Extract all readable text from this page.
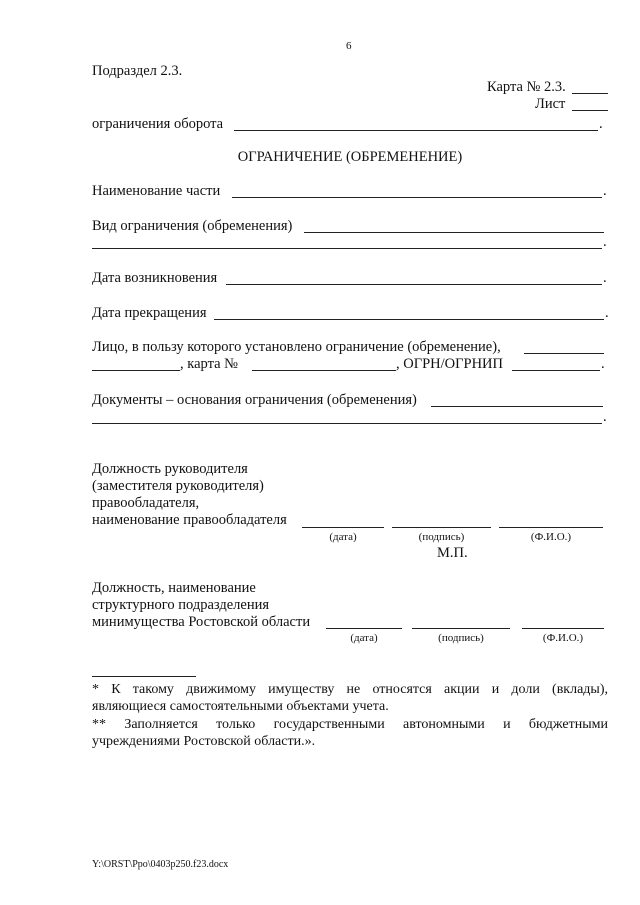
6
Подраздел 2.3.
Карта № 2.3.
Лист
ограничения оборота	.
ОГРАНИЧЕНИЕ (ОБРЕМЕНЕНИЕ)
Наименование части	.
Вид ограничения (обременения)
.
Дата возникновения	.
Дата прекращения	.
Лицо, в пользу которого установлено ограничение (обременение),
, карта №	, ОГРН/ОГРНИП	.
Документы – основания ограничения (обременения)
.
Должность руководителя
(заместителя руководителя)
правообладателя,
наименование правообладателя
(дата)	(подпись)	(Ф.И.О.)
М.П.
Должность, наименование
структурного подразделения
минимущества Ростовской области
(дата)	(подпись)	(Ф.И.О.)
* К такому движимому имуществу не относятся акции и доли (вклады),
являющиеся самостоятельными объектами учета.
** Заполняется только государственными автономными и бюджетными
учреждениями Ростовской области.».
Y:\ORST\Ppo\0403p250.f23.docx
